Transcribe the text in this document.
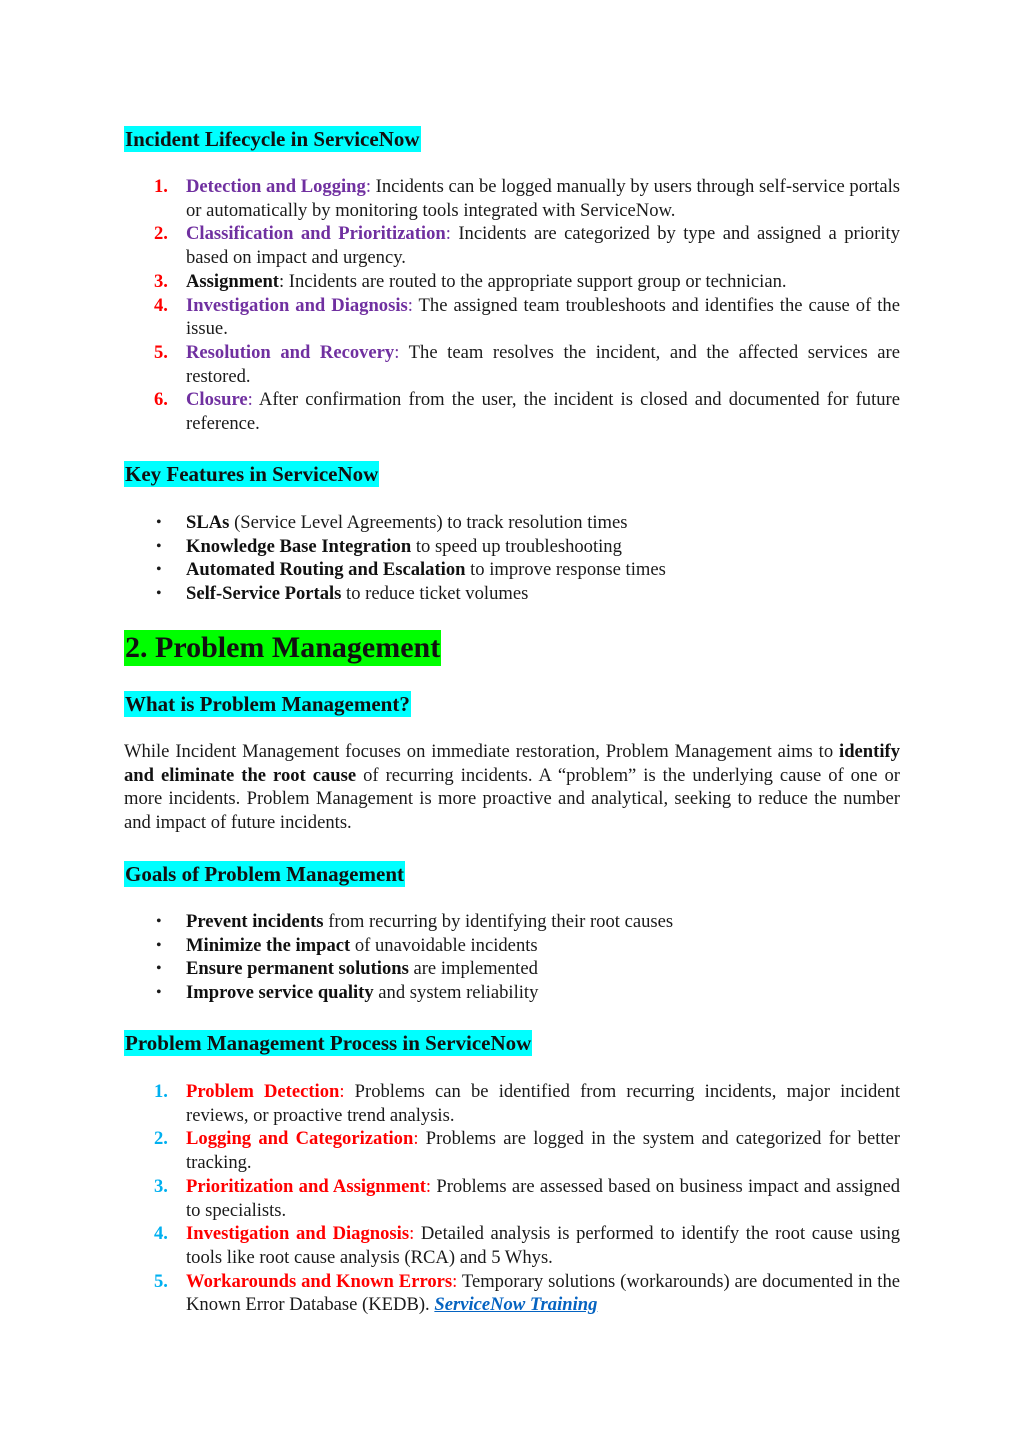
Incident Lifecycle in ServiceNow
1. Detection and Logging: Incidents can be logged manually by users through self-service portals or automatically by monitoring tools integrated with ServiceNow.
2. Classification and Prioritization: Incidents are categorized by type and assigned a priority based on impact and urgency.
3. Assignment: Incidents are routed to the appropriate support group or technician.
4. Investigation and Diagnosis: The assigned team troubleshoots and identifies the cause of the issue.
5. Resolution and Recovery: The team resolves the incident, and the affected services are restored.
6. Closure: After confirmation from the user, the incident is closed and documented for future reference.
Key Features in ServiceNow
• SLAs (Service Level Agreements) to track resolution times
• Knowledge Base Integration to speed up troubleshooting
• Automated Routing and Escalation to improve response times
• Self-Service Portals to reduce ticket volumes
2. Problem Management
What is Problem Management?
While Incident Management focuses on immediate restoration, Problem Management aims to identify and eliminate the root cause of recurring incidents. A “problem” is the underlying cause of one or more incidents. Problem Management is more proactive and analytical, seeking to reduce the number and impact of future incidents.
Goals of Problem Management
• Prevent incidents from recurring by identifying their root causes
• Minimize the impact of unavoidable incidents
• Ensure permanent solutions are implemented
• Improve service quality and system reliability
Problem Management Process in ServiceNow
1. Problem Detection: Problems can be identified from recurring incidents, major incident reviews, or proactive trend analysis.
2. Logging and Categorization: Problems are logged in the system and categorized for better tracking.
3. Prioritization and Assignment: Problems are assessed based on business impact and assigned to specialists.
4. Investigation and Diagnosis: Detailed analysis is performed to identify the root cause using tools like root cause analysis (RCA) and 5 Whys.
5. Workarounds and Known Errors: Temporary solutions (workarounds) are documented in the Known Error Database (KEDB). ServiceNow Training
